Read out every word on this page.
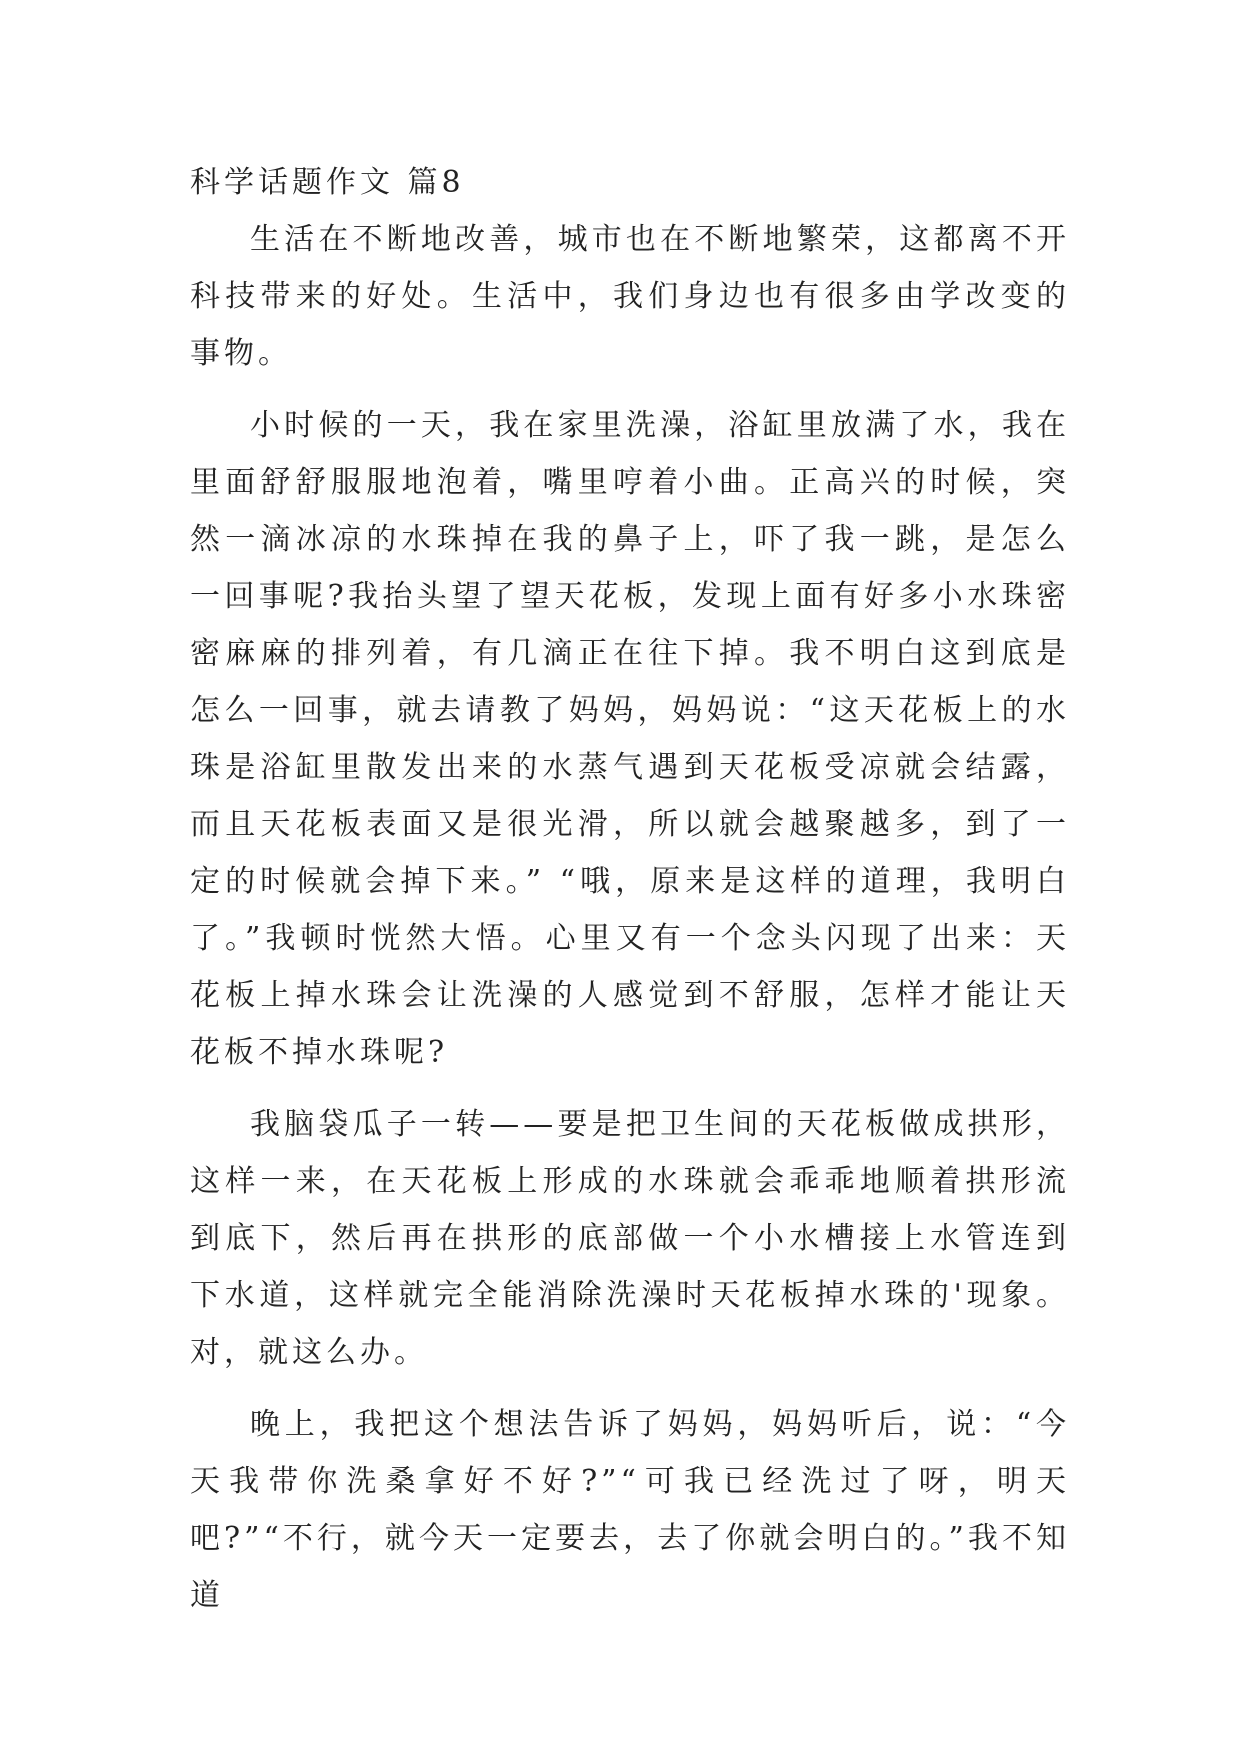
科学话题作文 篇8

生活在不断地改善，城市也在不断地繁荣，这都离不开科技带来的好处。生活中，我们身边也有很多由学改变的事物。

小时候的一天，我在家里洗澡，浴缸里放满了水，我在里面舒舒服服地泡着，嘴里哼着小曲。正高兴的时候，突然一滴冰凉的水珠掉在我的鼻子上，吓了我一跳，是怎么一回事呢?我抬头望了望天花板，发现上面有好多小水珠密密麻麻的排列着，有几滴正在往下掉。我不明白这到底是怎么一回事，就去请教了妈妈，妈妈说：“这天花板上的水珠是浴缸里散发出来的水蒸气遇到天花板受凉就会结露，而且天花板表面又是很光滑，所以就会越聚越多，到了一定的时候就会掉下来。” “哦，原来是这样的道理，我明白了。”我顿时恍然大悟。心里又有一个念头闪现了出来：天花板上掉水珠会让洗澡的人感觉到不舒服，怎样才能让天花板不掉水珠呢?

我脑袋瓜子一转——要是把卫生间的天花板做成拱形，这样一来，在天花板上形成的水珠就会乖乖地顺着拱形流到底下，然后再在拱形的底部做一个小水槽接上水管连到下水道，这样就完全能消除洗澡时天花板掉水珠的'现象。对，就这么办。

晚上，我把这个想法告诉了妈妈，妈妈听后，说：“今天我带你洗桑拿好不好?”“可我已经洗过了呀，明天吧?”“不行，就今天一定要去，去了你就会明白的。”我不知道
